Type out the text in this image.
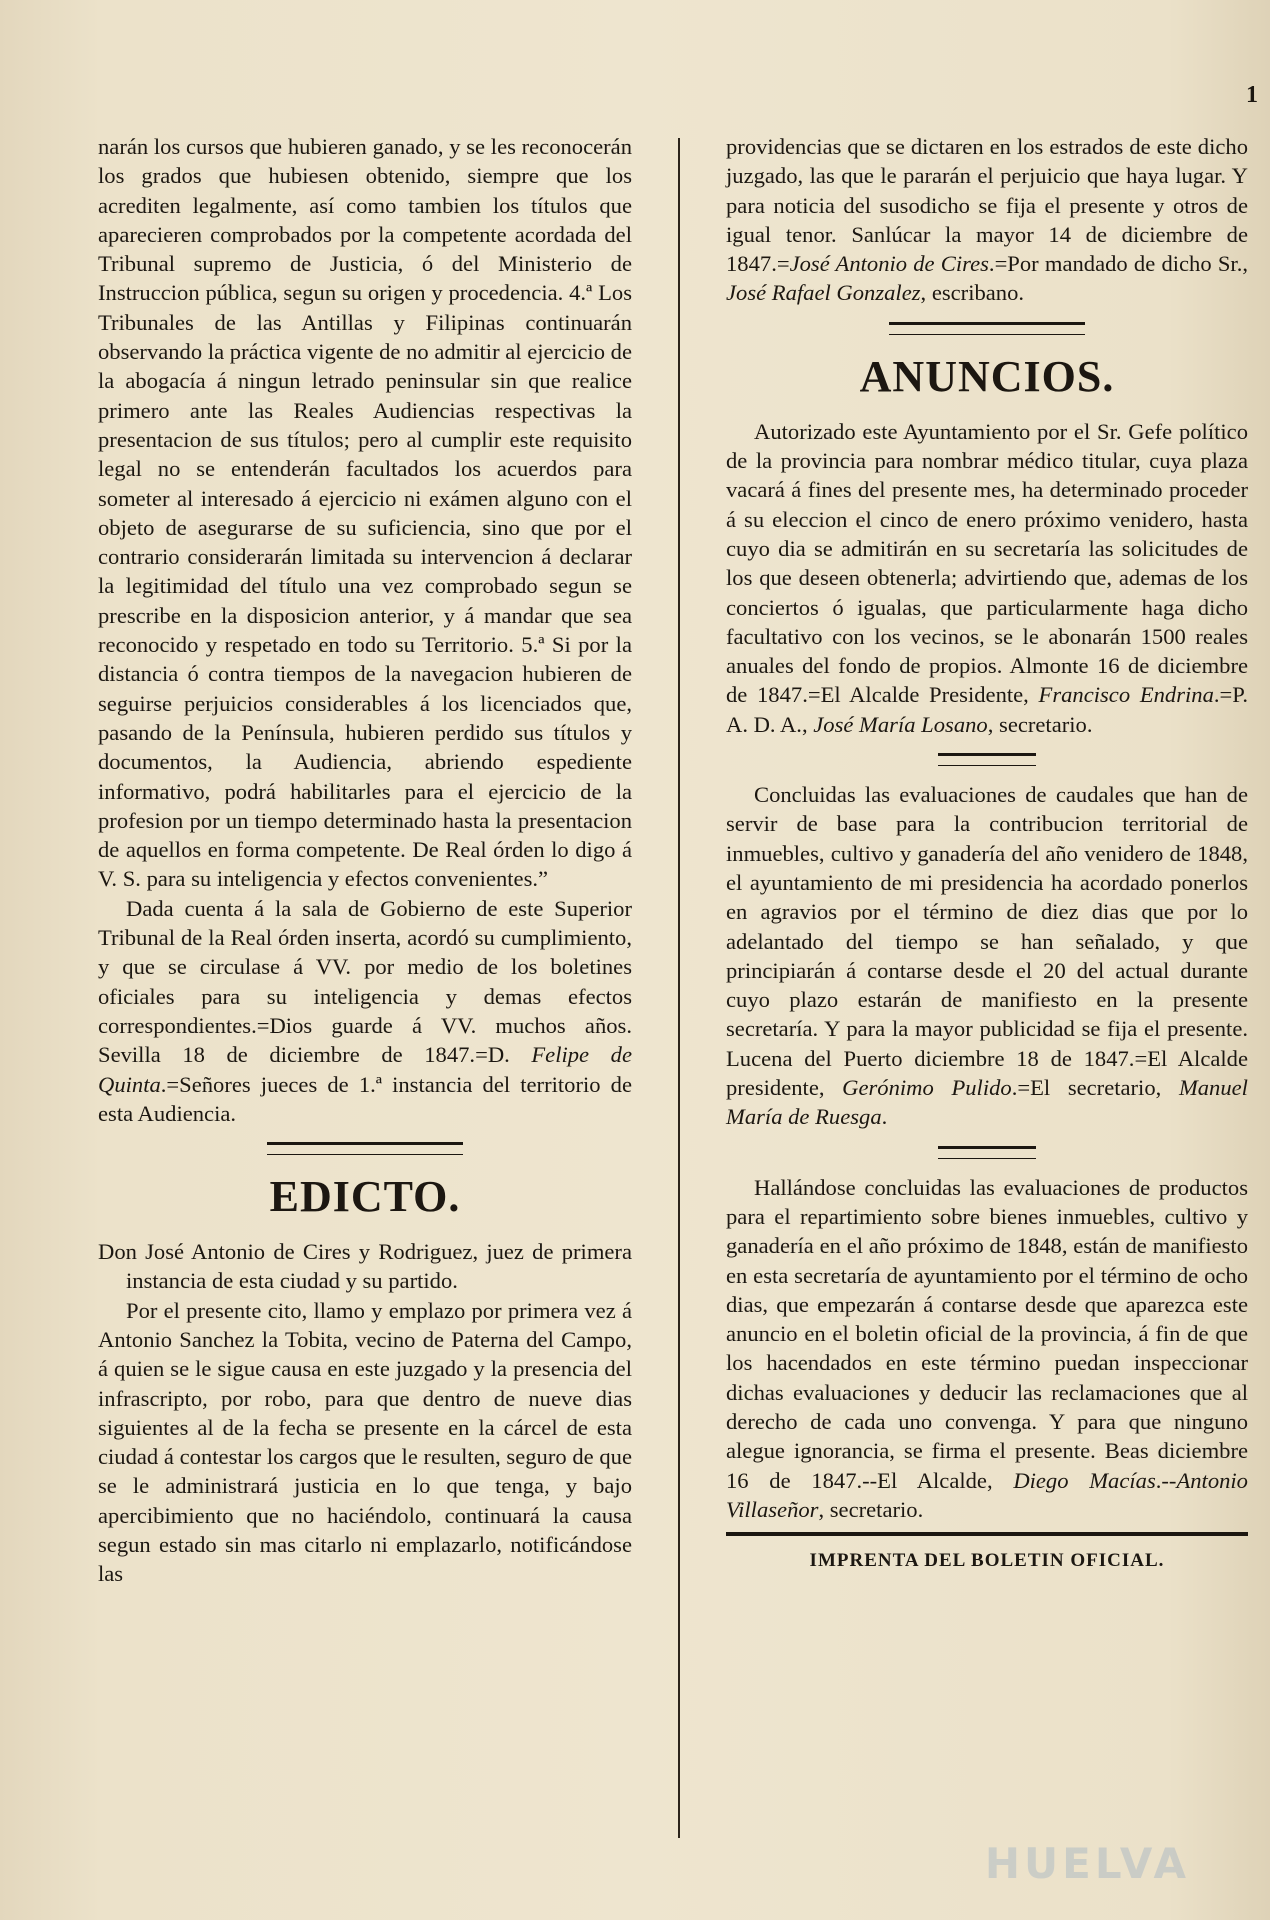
1

narán los cursos que hubieren ganado, y se les reconocerán los grados que hubiesen obtenido, siempre que los acrediten legalmente, así como tambien los títulos que aparecieren comprobados por la competente acordada del Tribunal supremo de Justicia, ó del Ministerio de Instruccion pública, segun su origen y procedencia. 4.ª Los Tribunales de las Antillas y Filipinas continuarán observando la práctica vigente de no admitir al ejercicio de la abogacía á ningun letrado peninsular sin que realice primero ante las Reales Audiencias respectivas la presentacion de sus títulos; pero al cumplir este requisito legal no se entenderán facultados los acuerdos para someter al interesado á ejercicio ni exámen alguno con el objeto de asegurarse de su suficiencia, sino que por el contrario considerarán limitada su intervencion á declarar la legitimidad del título una vez comprobado segun se prescribe en la disposicion anterior, y á mandar que sea reconocido y respetado en todo su Territorio. 5.ª Si por la distancia ó contra tiempos de la navegacion hubieren de seguirse perjuicios considerables á los licenciados que, pasando de la Península, hubieren perdido sus títulos y documentos, la Audiencia, abriendo espediente informativo, podrá habilitarles para el ejercicio de la profesion por un tiempo determinado hasta la presentacion de aquellos en forma competente. De Real órden lo digo á V. S. para su inteligencia y efectos convenientes.”

Dada cuenta á la sala de Gobierno de este Superior Tribunal de la Real órden inserta, acordó su cumplimiento, y que se circulase á VV. por medio de los boletines oficiales para su inteligencia y demas efectos correspondientes.=Dios guarde á VV. muchos años. Sevilla 18 de diciembre de 1847.=D. Felipe de Quinta.=Señores jueces de 1.ª instancia del territorio de esta Audiencia.

EDICTO.

Don José Antonio de Cires y Rodriguez, juez de primera instancia de esta ciudad y su partido.

Por el presente cito, llamo y emplazo por primera vez á Antonio Sanchez la Tobita, vecino de Paterna del Campo, á quien se le sigue causa en este juzgado y la presencia del infrascripto, por robo, para que dentro de nueve dias siguientes al de la fecha se presente en la cárcel de esta ciudad á contestar los cargos que le resulten, seguro de que se le administrará justicia en lo que tenga, y bajo apercibimiento que no haciéndolo, continuará la causa segun estado sin mas citarlo ni emplazarlo, notificándose las

providencias que se dictaren en los estrados de este dicho juzgado, las que le pararán el perjuicio que haya lugar. Y para noticia del susodicho se fija el presente y otros de igual tenor. Sanlúcar la mayor 14 de diciembre de 1847.=José Antonio de Cires.=Por mandado de dicho Sr., José Rafael Gonzalez, escribano.

ANUNCIOS.

Autorizado este Ayuntamiento por el Sr. Gefe político de la provincia para nombrar médico titular, cuya plaza vacará á fines del presente mes, ha determinado proceder á su eleccion el cinco de enero próximo venidero, hasta cuyo dia se admitirán en su secretaría las solicitudes de los que deseen obtenerla; advirtiendo que, ademas de los conciertos ó igualas, que particularmente haga dicho facultativo con los vecinos, se le abonarán 1500 reales anuales del fondo de propios. Almonte 16 de diciembre de 1847.=El Alcalde Presidente, Francisco Endrina.=P. A. D. A., José María Losano, secretario.

Concluidas las evaluaciones de caudales que han de servir de base para la contribucion territorial de inmuebles, cultivo y ganadería del año venidero de 1848, el ayuntamiento de mi presidencia ha acordado ponerlos en agravios por el término de diez dias que por lo adelantado del tiempo se han señalado, y que principiarán á contarse desde el 20 del actual durante cuyo plazo estarán de manifiesto en la presente secretaría. Y para la mayor publicidad se fija el presente. Lucena del Puerto diciembre 18 de 1847.=El Alcalde presidente, Gerónimo Pulido.=El secretario, Manuel María de Ruesga.

Hallándose concluidas las evaluaciones de productos para el repartimiento sobre bienes inmuebles, cultivo y ganadería en el año próximo de 1848, están de manifiesto en esta secretaría de ayuntamiento por el término de ocho dias, que empezarán á contarse desde que aparezca este anuncio en el boletin oficial de la provincia, á fin de que los hacendados en este término puedan inspeccionar dichas evaluaciones y deducir las reclamaciones que al derecho de cada uno convenga. Y para que ninguno alegue ignorancia, se firma el presente. Beas diciembre 16 de 1847.--El Alcalde, Diego Macías.--Antonio Villaseñor, secretario.

IMPRENTA DEL BOLETIN OFICIAL.
HUELVA
